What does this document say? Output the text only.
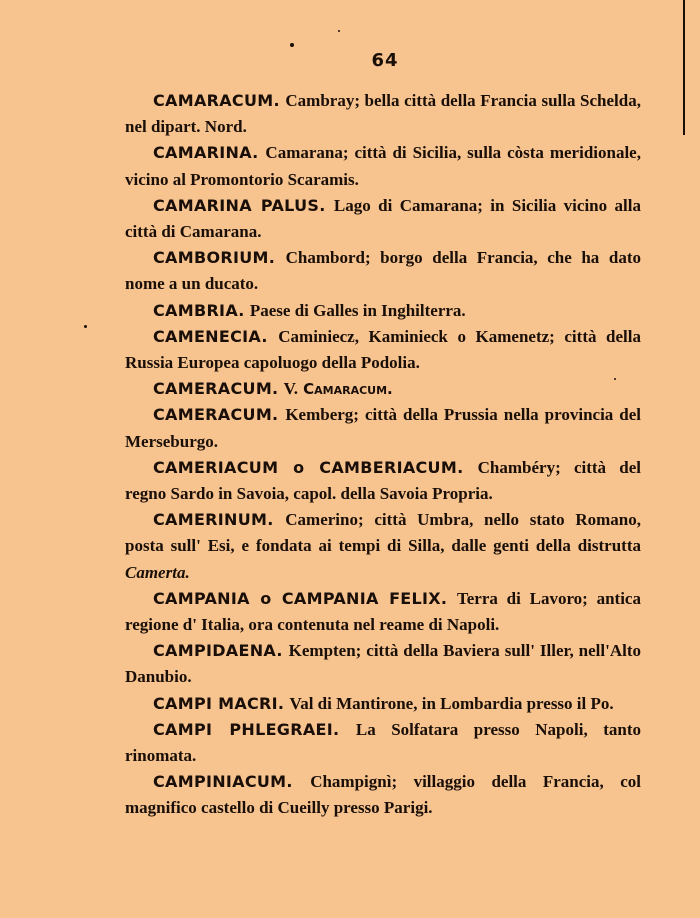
64

CAMARACUM. Cambray; bella città della Francia sulla Schelda, nel dipart. Nord.

CAMARINA. Camarana; città di Sicilia, sulla còsta meridionale, vicino al Promontorio Scaramis.

CAMARINA PALUS. Lago di Camarana; in Sicilia vicino alla città di Camarana.

CAMBORIUM. Chambord; borgo della Francia, che ha dato nome a un ducato.

CAMBRIA. Paese di Galles in Inghilterra.

CAMENECIA. Caminiecz, Kaminieck o Kamenetz; città della Russia Europea capoluogo della Podolia.

CAMERACUM. V. Camaracum.

CAMERACUM. Kemberg; città della Prussia nella provincia del Merseburgo.

CAMERIACUM o CAMBERIACUM. Chambéry; città del regno Sardo in Savoia, capol. della Savoia Propria.

CAMERINUM. Camerino; città Umbra, nello stato Romano, posta sull' Esi, e fondata ai tempi di Silla, dalle genti della distrutta Camerta.

CAMPANIA o CAMPANIA FELIX. Terra di Lavoro; antica regione d' Italia, ora contenuta nel reame di Napoli.

CAMPIDAENA. Kempten; città della Baviera sull' Iller, nell'Alto Danubio.

CAMPI MACRI. Val di Mantirone, in Lombardia presso il Po.

CAMPI PHLEGRAEI. La Solfatara presso Napoli, tanto rinomata.

CAMPINIACUM. Champignì; villaggio della Francia, col magnifico castello di Cueilly presso Parigi.
